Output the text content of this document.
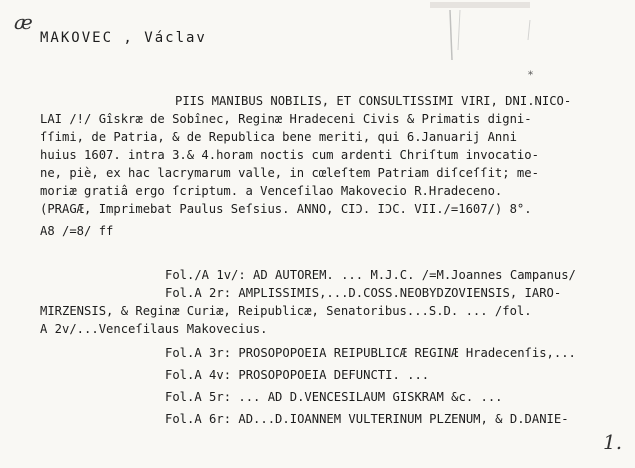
*
æ
MAKOVEC , Václav
PIIS MANIBUS NOBILIS, ET CONSULTISSIMI VIRI, DNI.NICO-
LAI /!/ Gîskræ de Sobînec, Reginæ Hradeceni Civis & Primatis digni-
ſſimi, de Patria, & de Republica bene meriti, qui 6.Januarij Anni
huius 1607. intra 3.& 4.horam noctis cum ardenti Chriſtum invocatio-
ne, piè, ex hac lacrymarum valle, in cœleſtem Patriam diſceſſit; me-
moriæ gratiâ ergo ſcriptum. a Venceſilao Makovecio R.Hradeceno.
(PRAGÆ, Imprimebat Paulus Seſsius. ANNO, CIϽ. IϽC. VII./=1607/) 8°.
A8 /=8/ ff
Fol./A 1v/: AD AUTOREM. ... M.J.C. /=M.Joannes Campanus/
Fol.A 2r: AMPLISSIMIS,...D.COSS.NEOBYDZOVIENSIS, IARO-
MIRZENSIS, & Reginæ Curiæ, Reipublicæ, Senatoribus...S.D. ... /fol.
A 2v/...Venceſilaus Makovecius.
Fol.A 3r: PROSOPOPOEIA REIPUBLICÆ REGINÆ Hradecenſis,...
Fol.A 4v: PROSOPOPOEIA DEFUNCTI. ...
Fol.A 5r: ... AD D.VENCESILAUM GISKRAM &c. ...
Fol.A 6r: AD...D.IOANNEM VULTERINUM PLZENUM, & D.DANIE-
1.
